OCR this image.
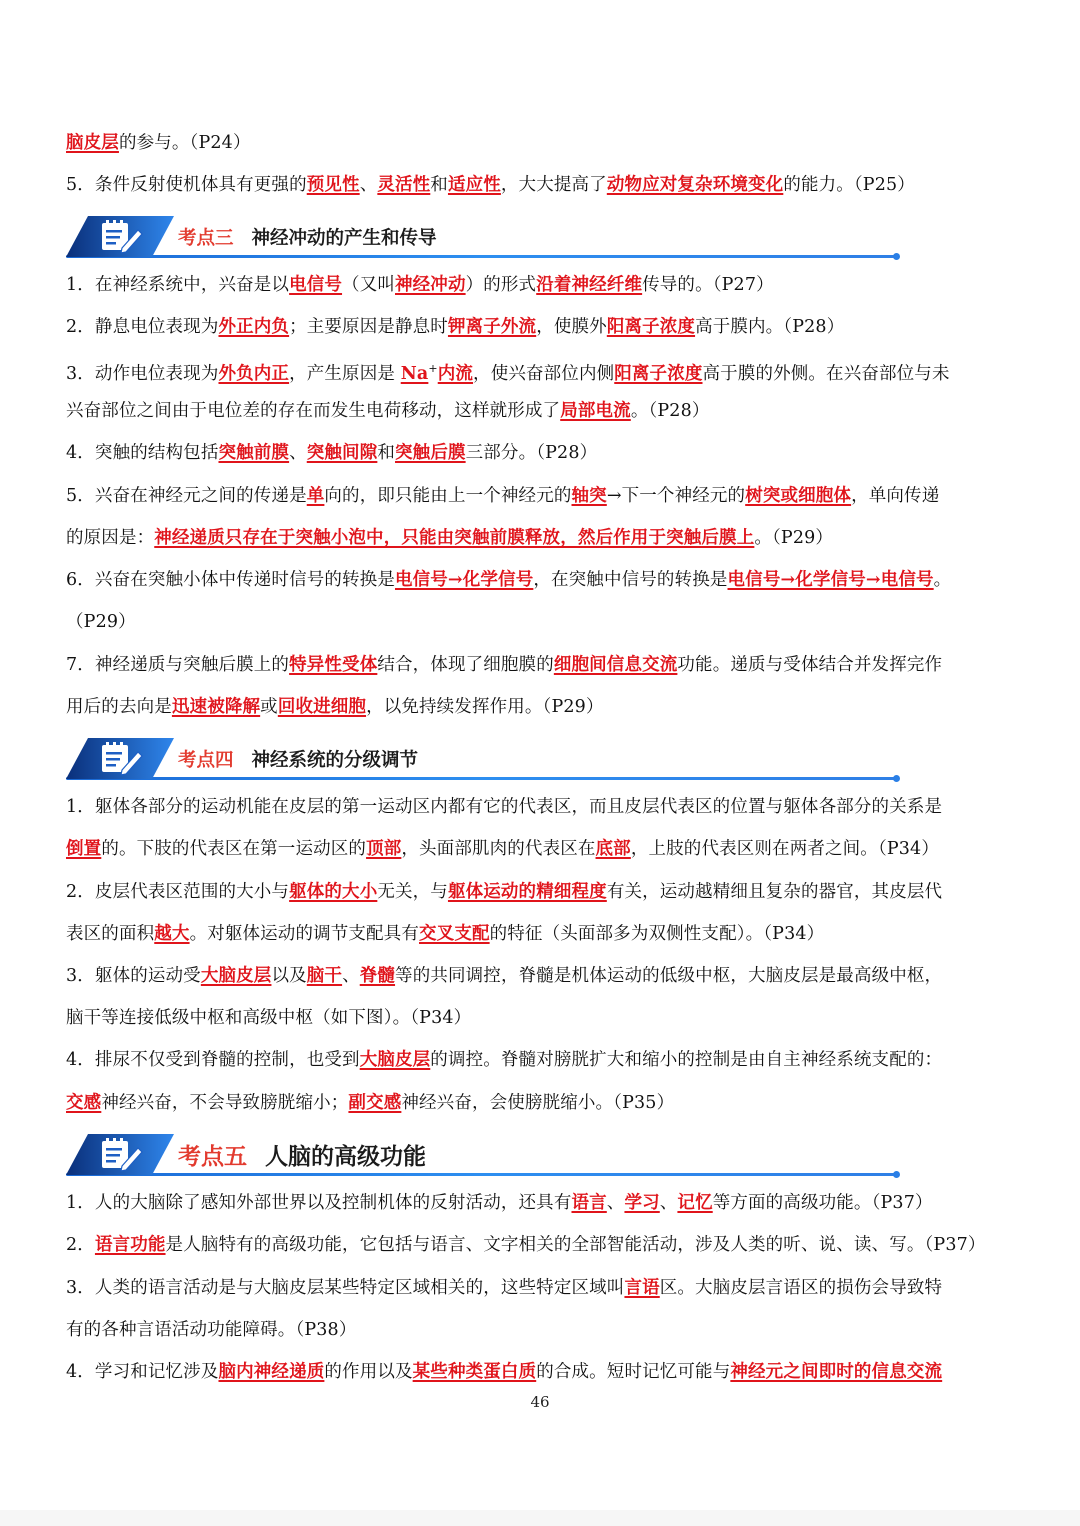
脑皮层的参与。（P24）
5．条件反射使机体具有更强的预见性、灵活性和适应性，大大提高了动物应对复杂环境变化的能力。（P25）
考点三 神经冲动的产生和传导
1．在神经系统中，兴奋是以电信号（又叫神经冲动）的形式沿着神经纤维传导的。（P27）
2．静息电位表现为外正内负；主要原因是静息时钾离子外流，使膜外阳离子浓度高于膜内。（P28）
3．动作电位表现为外负内正，产生原因是 Na+内流，使兴奋部位内侧阳离子浓度高于膜的外侧。在兴奋部位与未
兴奋部位之间由于电位差的存在而发生电荷移动，这样就形成了局部电流。（P28）
4．突触的结构包括突触前膜、突触间隙和突触后膜三部分。（P28）
5．兴奋在神经元之间的传递是单向的，即只能由上一个神经元的轴突→下一个神经元的树突或细胞体，单向传递
的原因是：神经递质只存在于突触小泡中，只能由突触前膜释放，然后作用于突触后膜上。（P29）
6．兴奋在突触小体中传递时信号的转换是电信号→化学信号，在突触中信号的转换是电信号→化学信号→电信号。
（P29）
7．神经递质与突触后膜上的特异性受体结合，体现了细胞膜的细胞间信息交流功能。递质与受体结合并发挥完作
用后的去向是迅速被降解或回收进细胞，以免持续发挥作用。（P29）
考点四 神经系统的分级调节
1．躯体各部分的运动机能在皮层的第一运动区内都有它的代表区，而且皮层代表区的位置与躯体各部分的关系是
倒置的。下肢的代表区在第一运动区的顶部，头面部肌肉的代表区在底部，上肢的代表区则在两者之间。（P34）
2．皮层代表区范围的大小与躯体的大小无关，与躯体运动的精细程度有关，运动越精细且复杂的器官，其皮层代
表区的面积越大。对躯体运动的调节支配具有交叉支配的特征（头面部多为双侧性支配）。（P34）
3．躯体的运动受大脑皮层以及脑干、脊髓等的共同调控，脊髓是机体运动的低级中枢，大脑皮层是最高级中枢，
脑干等连接低级中枢和高级中枢（如下图）。（P34）
4．排尿不仅受到脊髓的控制，也受到大脑皮层的调控。脊髓对膀胱扩大和缩小的控制是由自主神经系统支配的：
交感神经兴奋，不会导致膀胱缩小；副交感神经兴奋，会使膀胱缩小。（P35）
考点五 人脑的高级功能
1．人的大脑除了感知外部世界以及控制机体的反射活动，还具有语言、学习、记忆等方面的高级功能。（P37）
2．语言功能是人脑特有的高级功能，它包括与语言、文字相关的全部智能活动，涉及人类的听、说、读、写。（P37）
3．人类的语言活动是与大脑皮层某些特定区域相关的，这些特定区域叫言语区。大脑皮层言语区的损伤会导致特
有的各种言语活动功能障碍。（P38）
4．学习和记忆涉及脑内神经递质的作用以及某些种类蛋白质的合成。短时记忆可能与神经元之间即时的信息交流
46
